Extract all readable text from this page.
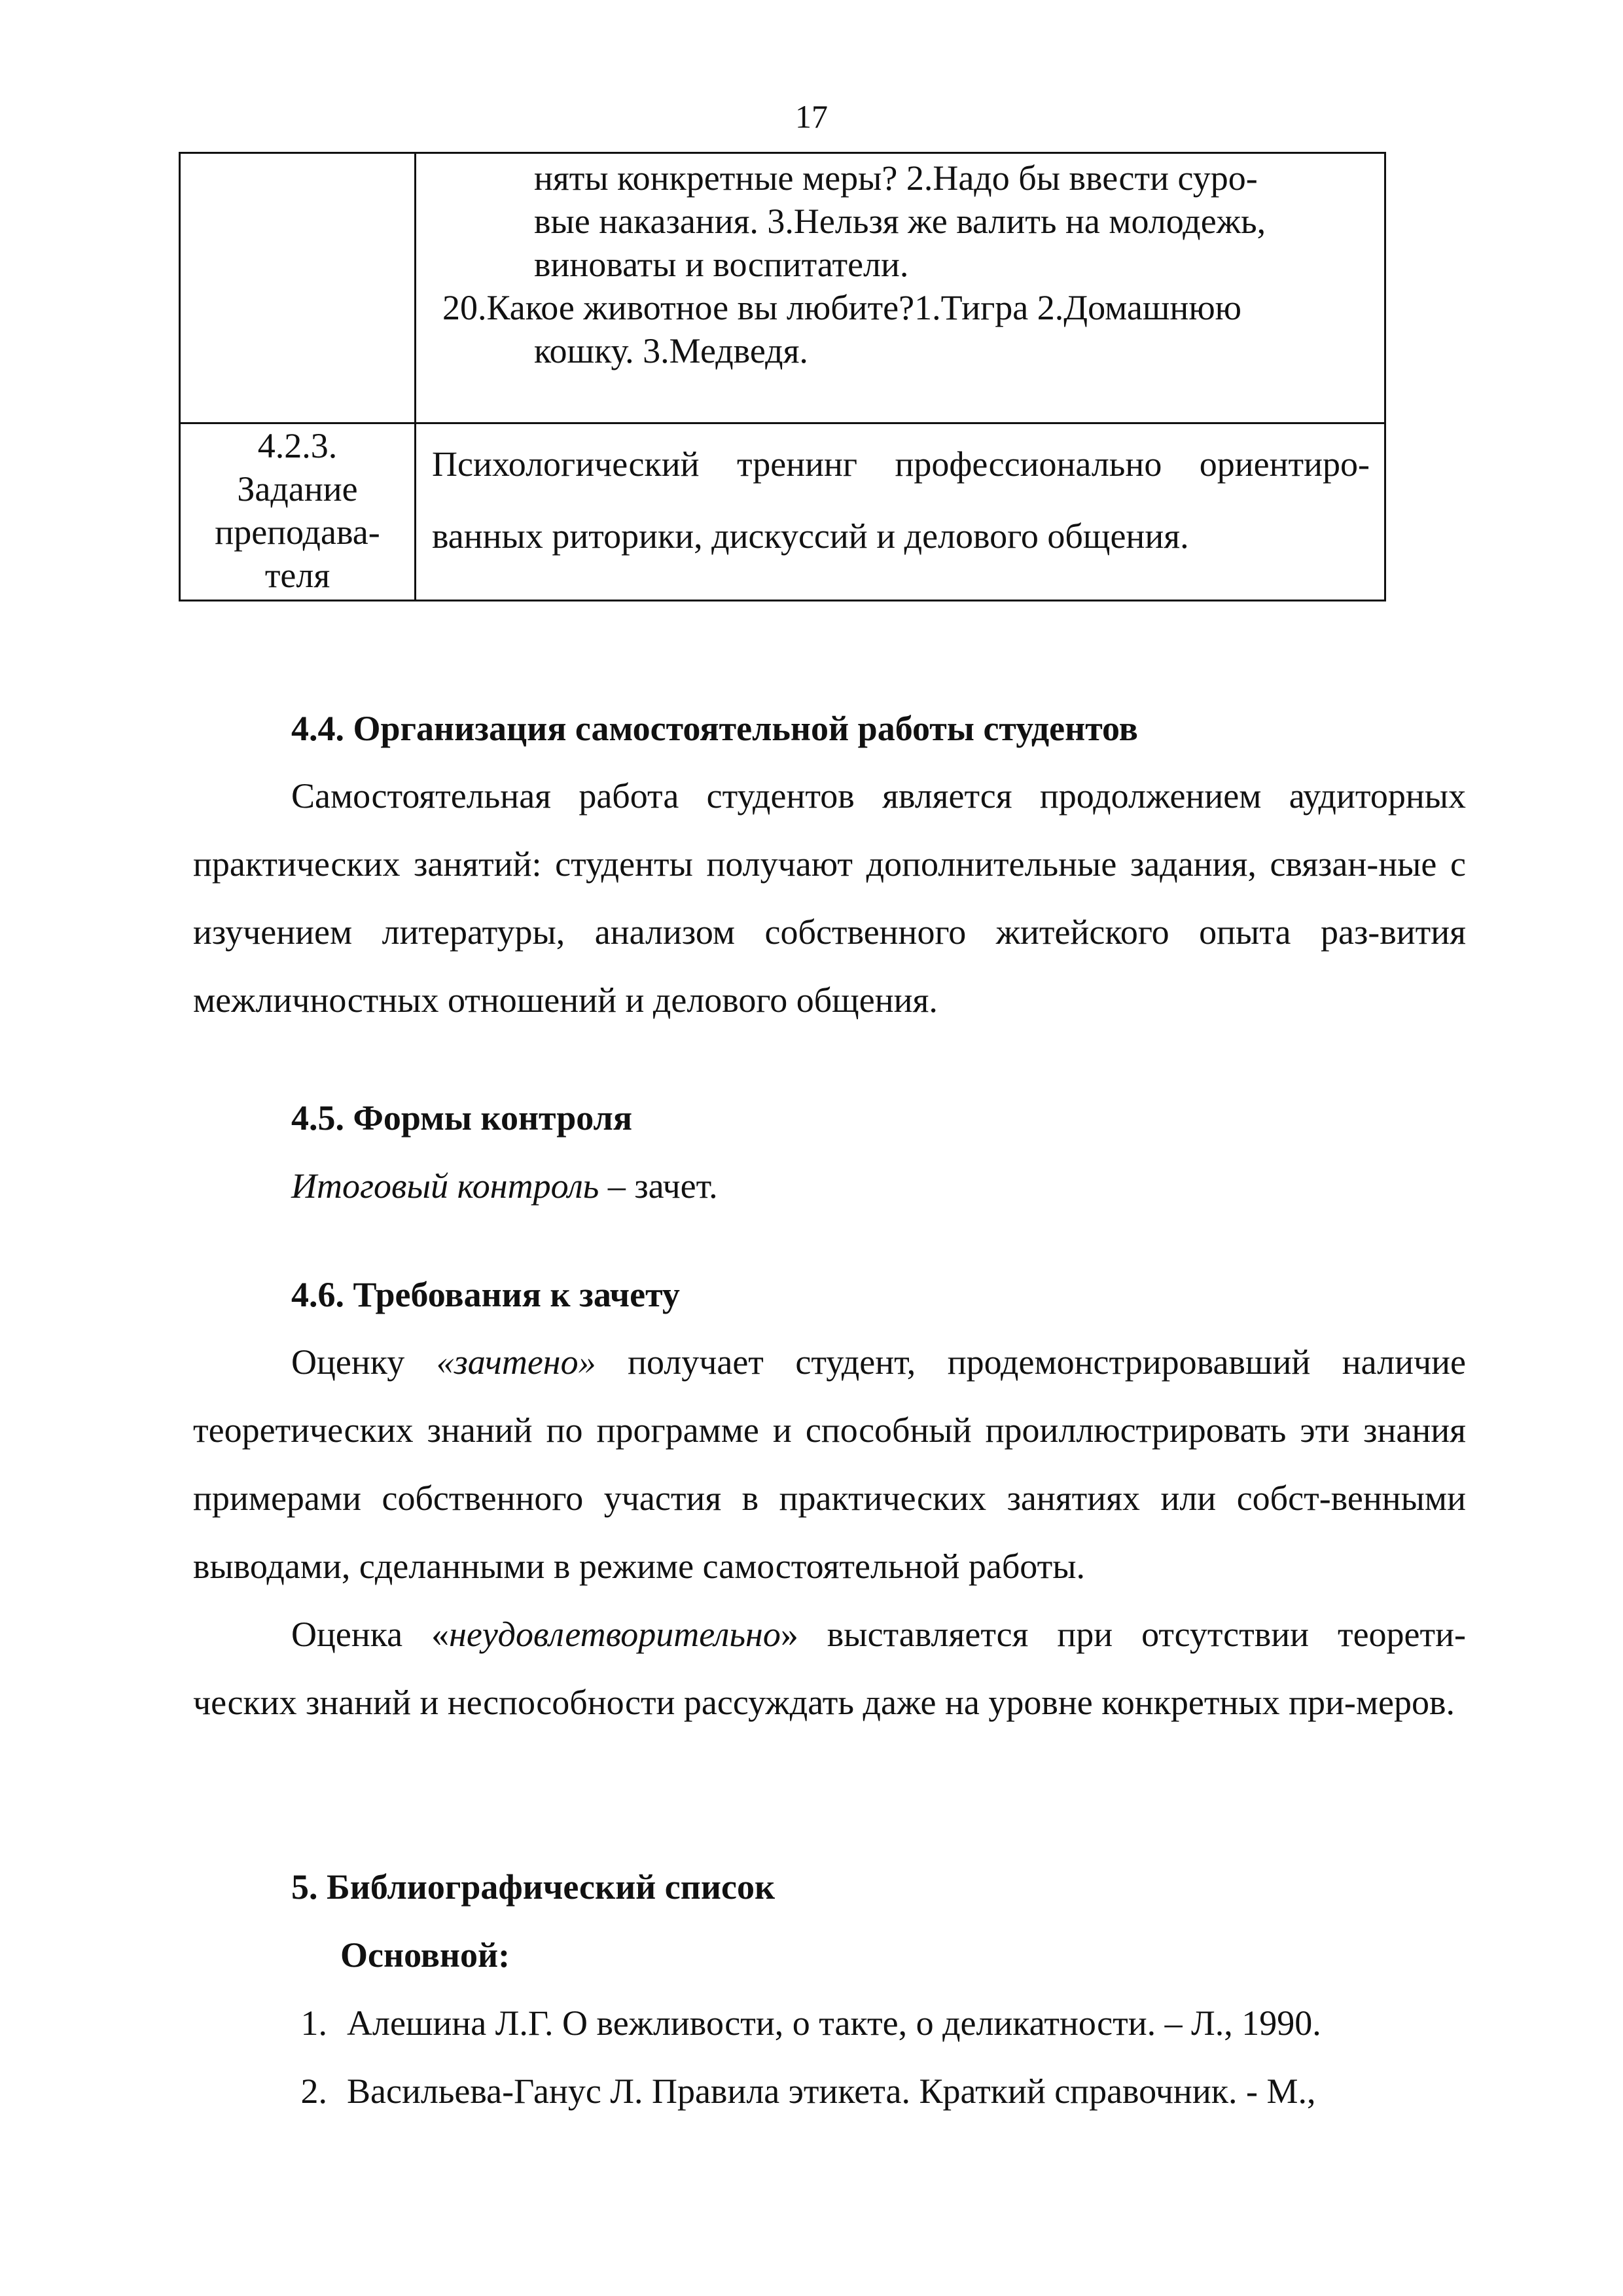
17

	няты конкретные меры? 2.Надо бы ввести суро-

вые наказания. 3.Нельзя же валить на молодежь,

виноваты и воспитатели.

20.Какое животное вы любите?1.Тигра 2.Домашнюю
кошку. 3.Медведя.

4.2.3.
Задание
преподава-
теля	Психологический тренинг профессионально ориентиро-ванных риторики, дискуссий и делового общения.

4.4. Организация самостоятельной работы студентов

Самостоятельная работа студентов является продолжением аудиторных практических занятий: студенты получают дополнительные задания, связан-ные с изучением литературы, анализом собственного житейского опыта раз-вития межличностных отношений и делового общения.

4.5. Формы контроля

Итоговый контроль – зачет.

4.6. Требования к зачету

Оценку «зачтено» получает студент, продемонстрировавший наличие теоретических знаний по программе и способный проиллюстрировать эти знания примерами собственного участия в практических занятиях или собст-венными выводами, сделанными в режиме самостоятельной работы.

Оценка «неудовлетворительно» выставляется при отсутствии теорети-ческих знаний и неспособности рассуждать даже на уровне конкретных при-меров.

5. Библиографический список

Основной:

1. Алешина Л.Г. О вежливости, о такте, о деликатности. – Л., 1990.
2. Васильева-Ганус Л. Правила этикета. Краткий справочник. - М.,
